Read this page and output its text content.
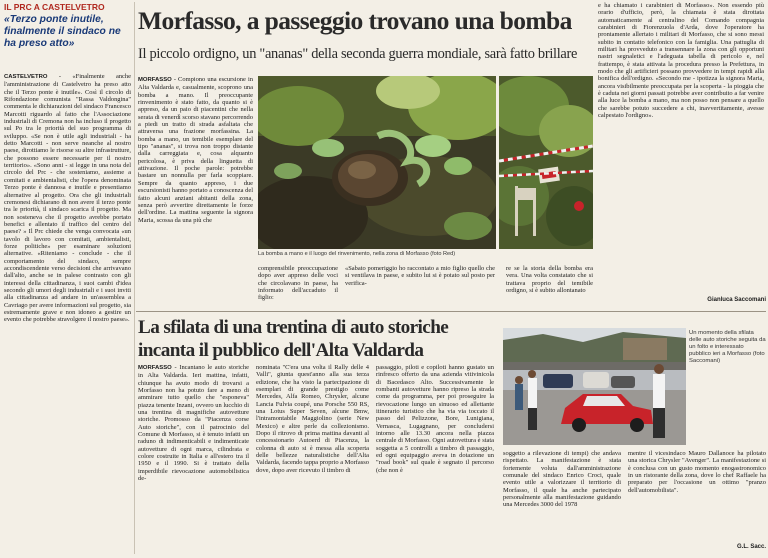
IL PRC A CASTELVETRO
«Terzo ponte inutile, finalmente il sindaco ne ha preso atto»
CASTELVETRO - «Finalmente anche l'amministrazione di Castelvetro ha preso atto che il Terzo ponte è inutile». Così il circolo di Rifondazione comunista "Rassa Valdongina" commenta le dichiarazioni del sindaco Francesco Marcotti riguardo al fatto che l'Associazione industriali di Cremona non ha incluso il progetto sul Po tra le priorità del suo programma di sviluppo. «Se non è utile agli industriali - ha detto Marcotti - non serve neanche al nostro paese, dirottiamo le risorse su altre infrastrutture, che possono essere necessarie per il nostro territorio». «Sono anni - si legge in una nota del circolo del Prc - che sosteniamo, assieme a comitati e ambientalisti, che l'opera denominata Terzo ponte è dannosa e inutile e presentiamo alternative al progetto. Ora che gli industriali cremonesi dichiarano di non avere il terzo ponte tra le priorità, il sindaco scarica il progetto. Ma non sosteneva che il progetto avrebbe portato benefici e allentato il traffico del centro del paese? » Il Prc chiede che venga convocata «un tavolo di lavoro con comitati, ambientalisti, forze politiche» per esaminare soluzioni alternative. «Riteniamo - conclude - che il comportamento del sindaco, sempre accondiscendente verso decisioni che arrivavano dall'alto, anche se in palese contrasto con gli interessi della cittadinanza, i suoi cambi d'idea secondo gli umori degli industriali e i suoi inviti alla cittadinanza ad andare in un'assemblea a Cavriago per avere informazioni sul progetto, sia estremamente grave e non idoneo a gestire un evento che potrebbe stravolgere il nostro paese».
Morfasso, a passeggio trovano una bomba
Il piccolo ordigno, un "ananas" della seconda guerra mondiale, sarà fatto brillare
MORFASSO - Compiono una escursione in Alta Valdarda e, casualmente, scoprono una bomba a mano. Il preoccupante rinvenimento è stato fatto, da quanto si è appreso, da un paio di piacentini che nella serata di venerdì scorso stavano percorrendo a piedi un tratto di strada asfaltata che attraversa una frazione morfassina. La bomba a mano, un temibile esemplare del tipo "ananas", si trova non troppo distante dalla carreggiata e, cosa alquanto pericolosa, è priva della linguetta di attivazione. Il poche parole: potrebbe bastare un nonnulla per farla scoppiare. Sempre da quanto appreso, i due escursionisti hanno portato a conoscenza del fatto alcuni anziani abitanti della zona, senza però avvertire direttamente le forze dell'ordine. La mattina seguente la signora Maria, scossa da una più che
La bomba a mano e il luogo del rinvenimento, nella zona di Morfasso (foto Red)
comprensibile preoccupazione dopo aver appreso delle voci che circolavano in paese, ha informato dell'accaduto il figlio:
«Sabato pomeriggio ho raccontato a mio figlio quello che si ventilava in paese, e subito lui si è potato sul posto per verifica-
re se la storia della bomba era vera. Una volta constatato che si trattava proprio del temibile ordigno, si è subito allontanato
e ha chiamato i carabinieri di Morfasso». Non essendo più orario d'ufficio, però, la chiamata è stata dirottata automaticamente al centralino del Comando compagnia carabinieri di Fiorenzuola d'Arda, dove l'operatore ha prontamente allertato i militari di Morfasso, che si sono messi subito in contatto telefonico con la famiglia. Una pattuglia di militari ha provveduto a transennare la zona con gli opportuni nastri segnaletici e l'adeguata tabella di pericolo e, nel frattempo, è stata attivata la procedura presso la Prefettura, in modo che gli artificieri possano provvedere in tempi rapidi alla bonifica dell'ordigno. «Secondo me - ipotizza la signora Maria, ancora visibilmente preoccupata per la scoperta - la pioggia che è caduta nei giorni passati potrebbe aver contribuito a far venire alla luce la bomba a mano, ma non posso non pensare a quello che sarebbe potuto succedere a chi, inavvertitamente, avesse calpestato l'ordigno».
Gianluca Saccomani
La sfilata di una trentina di auto storiche
incanta il pubblico dell'Alta Valdarda
Un momento della sfilata delle auto storiche seguita da un folto e interessato pubblico ieri a Morfasso (foto Saccomani)
MORFASSO - Incantano le auto storiche in Alta Valdarda. Ieri mattina, infatti, chiunque ha avuto modo di trovarsi a Morfasso non ha potuto fare a meno di ammirare tutto quello che "esponeva" piazza tenente Inzani, ovvero un lucchio di una trentina di magnifiche autovetture storiche. Promosso da "Piacenza corse Auto storiche", con il patrocinio del Comune di Morfasso, si è tenuto infatti un raduno di indimenticabili e indimenticate autovetture di ogni marca, cilindrata e colore costruite in Italia e all'estero tra il 1950 e il 1990. Si è trattato della imperdibile rievocazione automobilistica de-
nominata "C'era una volta il Rally delle 4 Valli", giunta quest'anno alla sua terza edizione, che ha visto la partecipazione di esemplari di grande prestigio come Mercedes, Alfa Romeo, Chrysler, alcune Lancia Fulvia coupé, una Porsche 550 RS, una Lotus Super Seven, alcune Bmw, l'intramontabile Maggiolino (serie New Mexico) e altre perle da collezionismo. Dopo il ritrovo di prima mattina davanti al concessionario Autoerd di Piacenza, la colonna di auto si è messa alla scoperta delle bellezze naturalistiche dell'Alta Valdarda, facendo tappa proprio a Morfasso dove, dopo aver ricevuto il timbro di
passaggio, piloti e copiloti hanno gustato un rinfresco offerto da una azienda vitivinicola di Bacedasco Alto. Successivamente le rombanti autovetture hanno ripreso la strada come da programma, per poi proseguire la rievocazione lungo un sinuoso ed allettante itinerario turistico che ha via via toccato il passo del Pelizzone, Bore, Lunigiana, Vernasca, Lugagnano, per concludersi intorno alle 13.30 ancora nella piazza centrale di Morfasso. Ogni autovettura è stata soggetta a 5 controlli a timbro di passaggio, ed ogni equipaggio aveva in dotazione un "road book" sul quale è segnato il percorso (che non è
soggetto a rilevazione di tempi) che andava rispettato. La manifestazione è stata fortemente voluta dall'amministrazione comunale del sindaco Enrico Croci, quale evento utile a valorizzare il territorio di Morfasso, il quale ha anche partecipato personalmente alla manifestazione guidando una Mercedes 3000 del 1978
mentre il vicesindaco Mauro Dallanoce ha pilotato una storica Chrysler "Avenger". La manifestazione si è conclusa con un gusto momento enogastronomico in un ristorante della zona, dove lo chef Raffaele ha preparato per l'occasione un ottimo "pranzo dell'automobilista".
G.L. Sacc.
